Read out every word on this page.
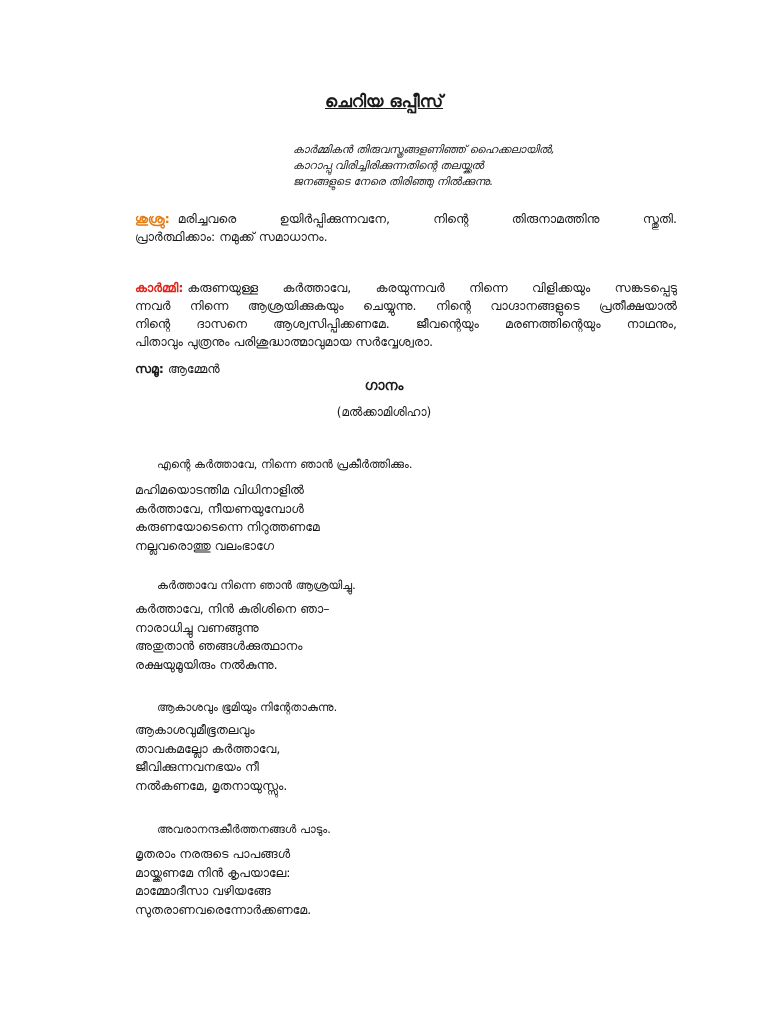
ചെറിയ ഒപ്പീസ്
കാർമ്മികൻ തിരുവസ്ത്രങ്ങളണിഞ്ഞ് ഹൈക്കലായിൽ,
കാറാപ്പു വിരിച്ചിരിക്കുന്നതിന്റെ തലയ്ക്കൽ
ജനങ്ങളുടെ നേരെ തിരിഞ്ഞു നിൽക്കുന്നു.
ശുശ്രു: മരിച്ചവരെ	ഉയിർപ്പിക്കുന്നവനേ,	നിന്റെ	തിരുനാമത്തിനു	സ്തുതി.
പ്രാർത്ഥിക്കാം: നമുക്ക് സമാധാനം.
കാർമ്മി: കരുണയുള്ള കർത്താവേ, കരയുന്നവർ നിന്നെ വിളിക്കയും സങ്കടപ്പെടു
ന്നവർ നിന്നെ ആശ്രയിക്കുകയും ചെയ്യുന്നു. നിന്റെ വാഗ്ദാനങ്ങളുടെ പ്രതീക്ഷയാൽ
നിന്റെ ദാസനെ ആശ്വസിപ്പിക്കണമേ. ജീവന്റെയും മരണത്തിന്റെയും നാഥനും,
പിതാവും പുത്രനും പരിശുദ്ധാത്മാവുമായ സർവ്വേശ്വരാ.
സമൂ: ആമ്മേൻ
ഗാനം
(മൽക്കാമിശിഹാ)
എന്റെ കർത്താവേ, നിന്നെ ഞാൻ പ്രകീർത്തിക്കും.
മഹിമയൊടന്തിമ വിധിനാളിൽ
കർത്താവേ, നീയണയുമ്പോൾ
കരുണയോടെന്നെ നിറുത്തണമേ
നല്ലവരൊത്തു വലംഭാഗേ
കർത്താവേ നിന്നെ ഞാൻ ആശ്രയിച്ചു.
കർത്താവേ, നിൻ കുരിശിനെ ഞാ–
നാരാധിച്ചു വണങ്ങുന്നു
അതുതാൻ ഞങ്ങൾക്കുത്ഥാനം
രക്ഷയുമൂയിരും നൽകുന്നു.
ആകാശവും ഭൂമിയും നിന്റേതാകുന്നു.
ആകാശവുമീഭൂതലവും
താവകമല്ലോ കർത്താവേ,
ജീവിക്കുന്നവനഭയം നീ
നൽകണമേ, മൃതനായുസ്സും.
അവരാനന്ദകീർത്തനങ്ങൾ പാടും.
മൃതരാം നരരുടെ പാപങ്ങൾ
മായ്ക്കണമേ നിൻ കൃപയാലേ:
മാമ്മോദീസാ വഴിയങ്ങേ
സുതരാണവരെന്നോർക്കണമേ.
